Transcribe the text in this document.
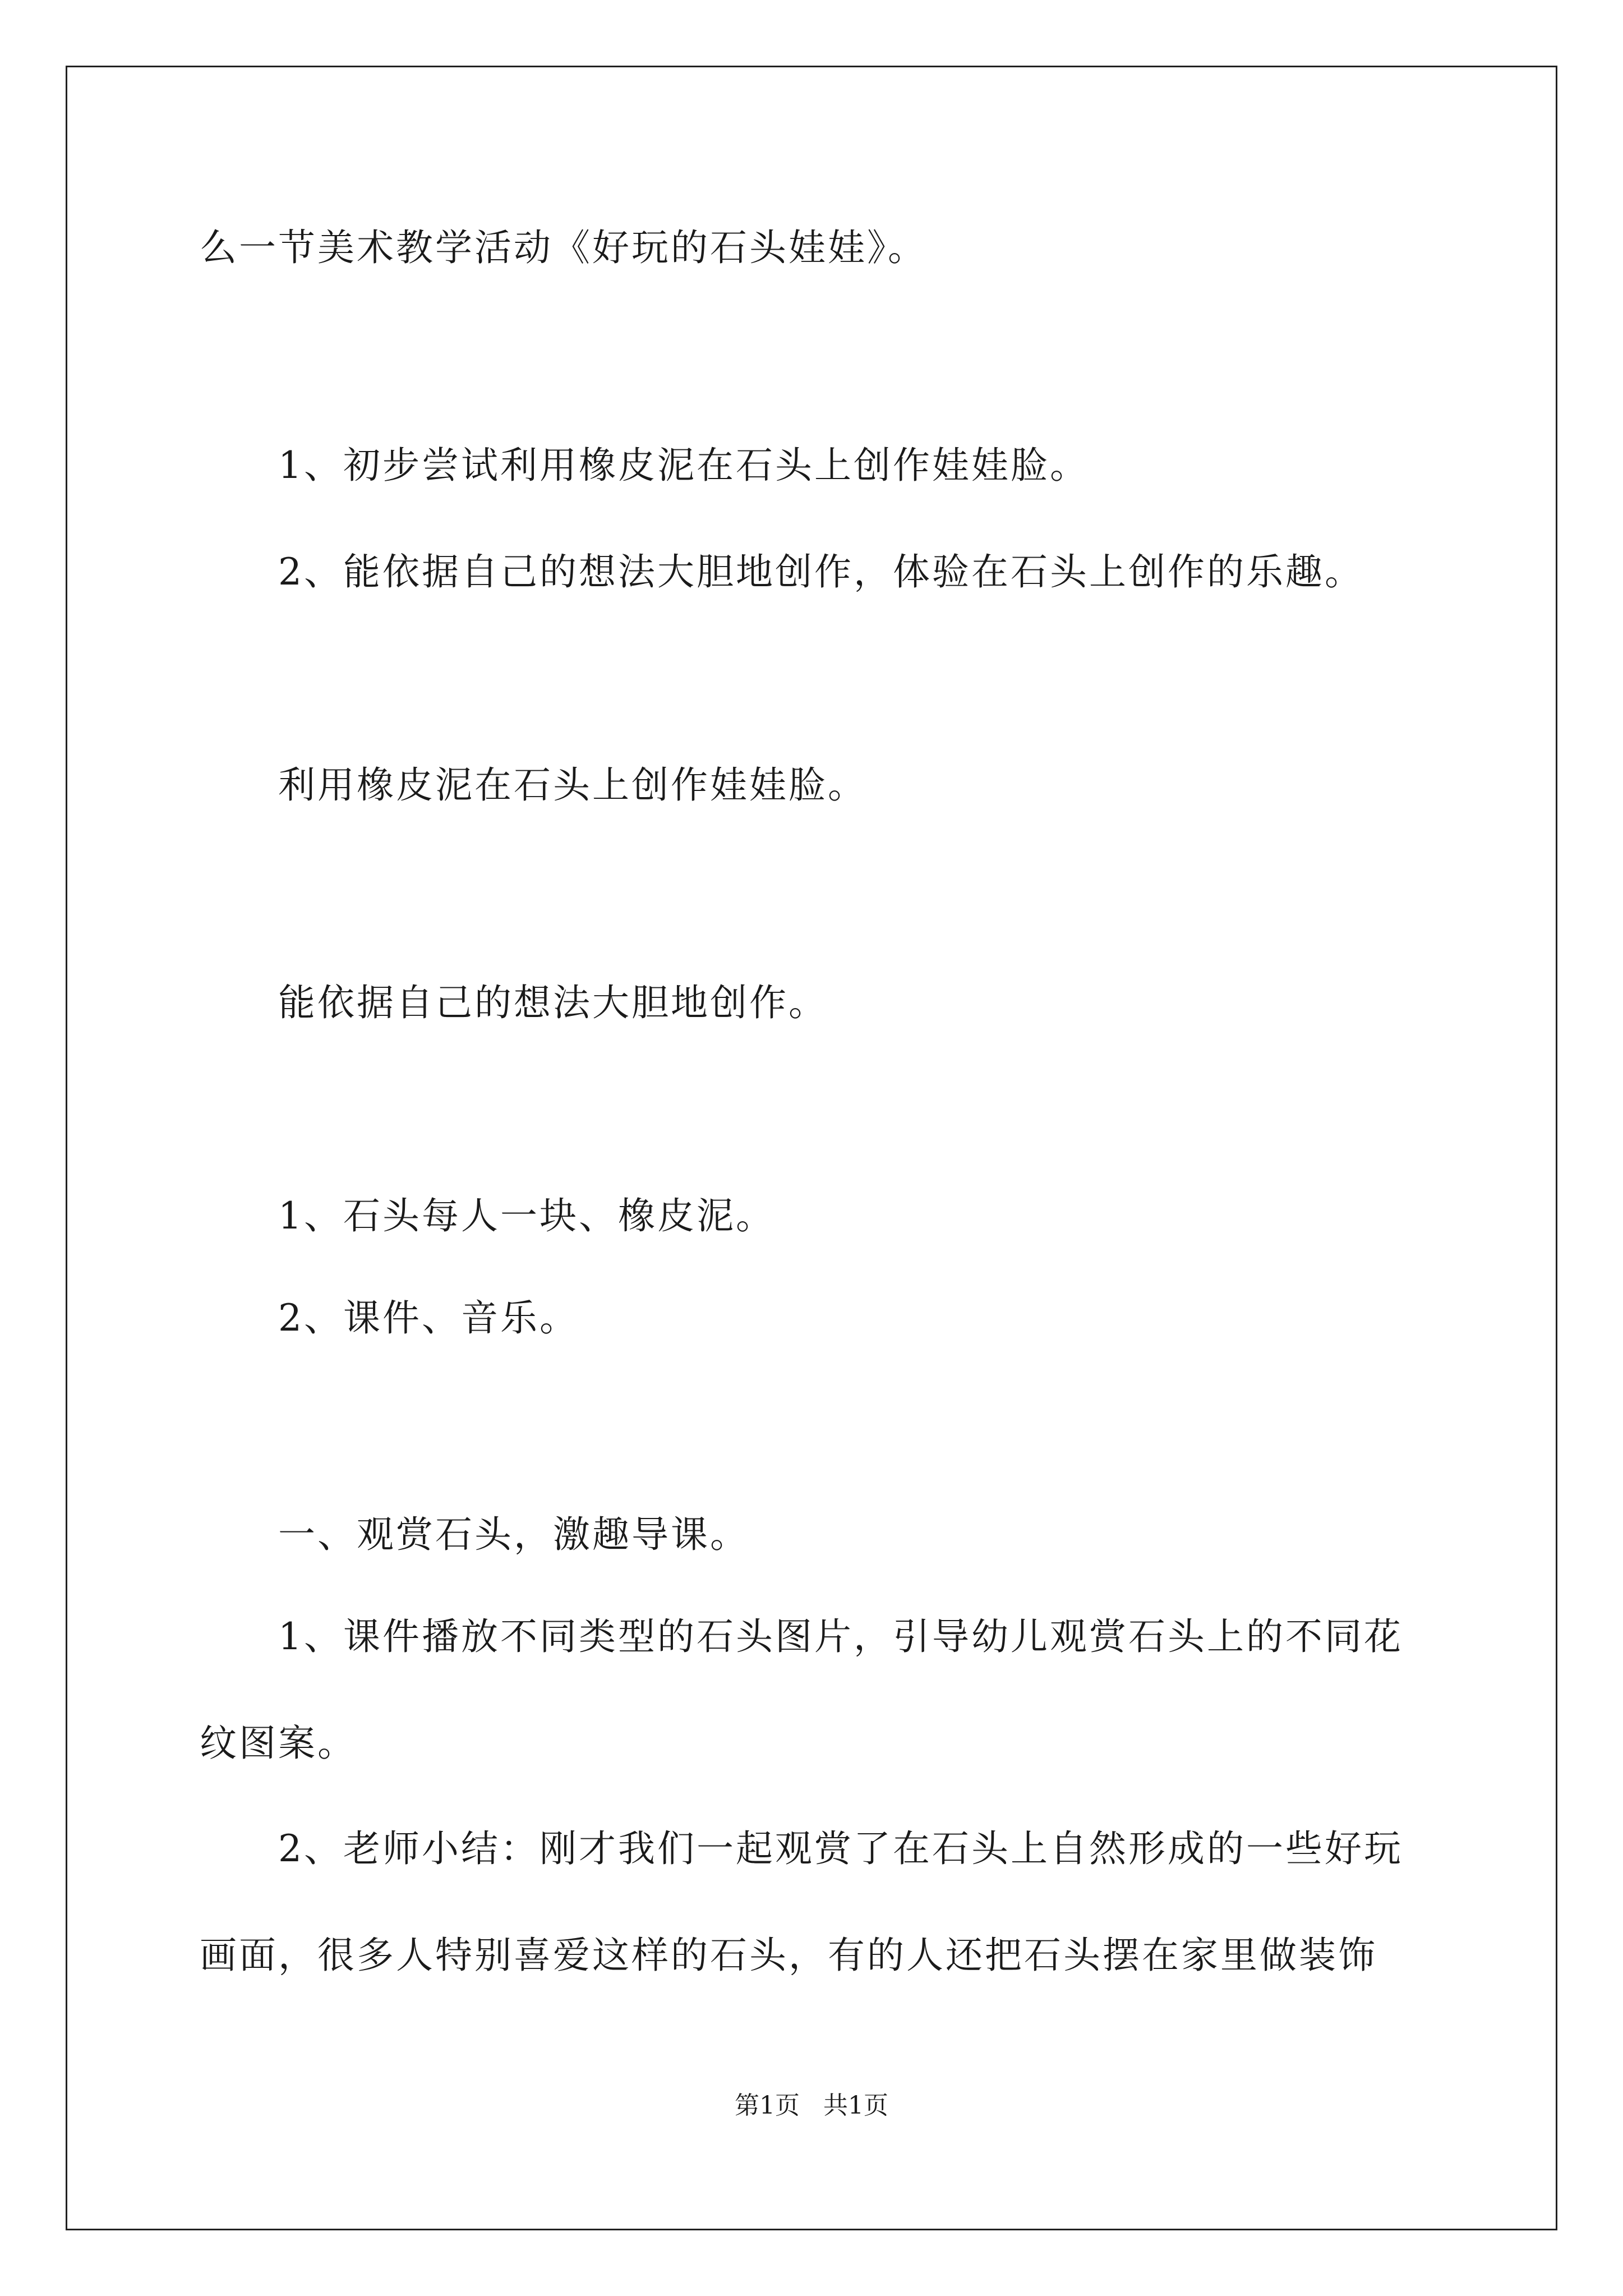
么一节美术教学活动《好玩的石头娃娃》。
1、初步尝试利用橡皮泥在石头上创作娃娃脸。
2、能依据自己的想法大胆地创作，体验在石头上创作的乐趣。
利用橡皮泥在石头上创作娃娃脸。
能依据自己的想法大胆地创作。
1、石头每人一块、橡皮泥。
2、课件、音乐。
一、观赏石头，激趣导课。
1、课件播放不同类型的石头图片，引导幼儿观赏石头上的不同花
纹图案。
2、老师小结：刚才我们一起观赏了在石头上自然形成的一些好玩
画面，很多人特别喜爱这样的石头，有的人还把石头摆在家里做装饰
第1页   共1页
